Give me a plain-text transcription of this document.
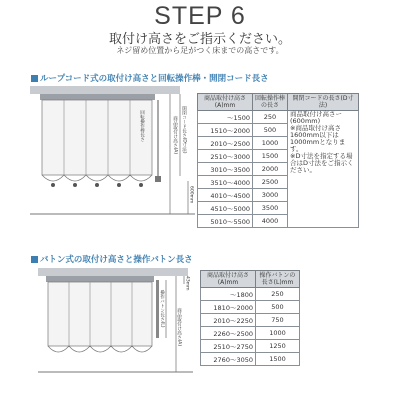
STEP 6
取付け高さをご指示ください。
ネジ留め位置から足がつく床までの高さです。
ループコード式の取付け高さと回転操作棒・開閉コード長さ
回転操作棒長さ	商品取付け高さ(A) 開閉コード長さ(D寸法)
600mm
商品取付け高さ(A)mm	回転操作棒の長さ	開閉コードの長さ(D寸法)
～1500	250	商品取付け高さー(600mm)
※商品取付け高さ1600mm以下は1000mmとなります。
※D寸法を指定する場合はD寸法をご指示ください。

1510～2000	500	
2010～2500	1000	
2510～3000	1500	
3010～3500	2000	
3510～4000	2500	
4010～4500	3000	
4510～5000	3500	
5010～5500	4000	
バトン式の取付け高さと操作バトン長さ
操作バトン長さ(L)	商品取付け高さ(A)
43mm
商品取付け高さ(A)mm	操作バトンの長さ(L)mm
～1800	250
1810～2000	500
2010～2250	750
2260～2500	1000
2510～2750	1250
2760～3050	1500
